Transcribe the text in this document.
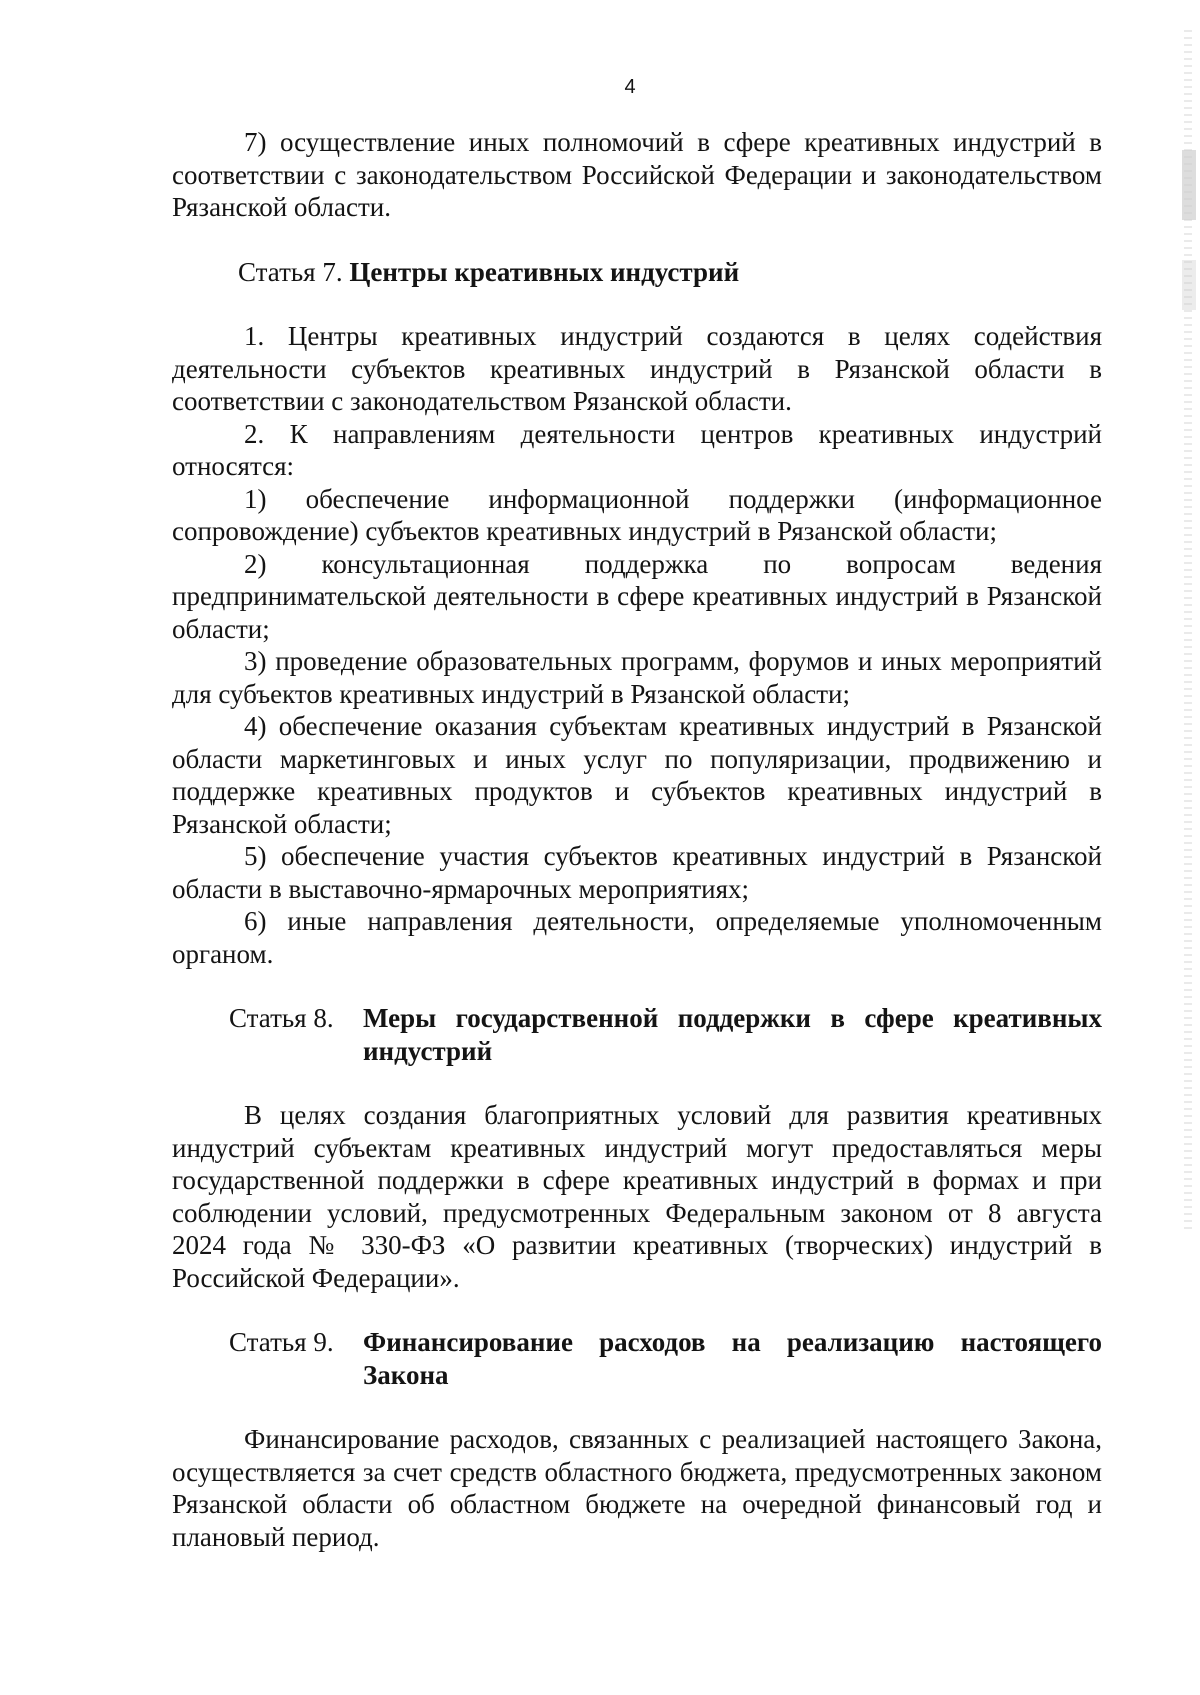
4

7) осуществление иных полномочий в сфере креативных индустрий в соответствии с законодательством Российской Федерации и законодательством Рязанской области.

Статья 7. Центры креативных индустрий

1. Центры креативных индустрий создаются в целях содействия деятельности субъектов креативных индустрий в Рязанской области в соответствии с законодательством Рязанской области.

2. К направлениям деятельности центров креативных индустрий относятся:

1) обеспечение информационной поддержки (информационное сопровождение) субъектов креативных индустрий в Рязанской области;

2) консультационная поддержка по вопросам ведения предпринимательской деятельности в сфере креативных индустрий в Рязанской области;

3) проведение образовательных программ, форумов и иных мероприятий для субъектов креативных индустрий в Рязанской области;

4) обеспечение оказания субъектам креативных индустрий в Рязанской области маркетинговых и иных услуг по популяризации, продвижению и поддержке креативных продуктов и субъектов креативных индустрий в Рязанской области;

5) обеспечение участия субъектов креативных индустрий в Рязанской области в выставочно-ярмарочных мероприятиях;

6) иные направления деятельности, определяемые уполномоченным органом.

Статья 8.	Меры государственной поддержки в сфере креативных индустрий

В целях создания благоприятных условий для развития креативных индустрий субъектам креативных индустрий могут предоставляться меры государственной поддержки в сфере креативных индустрий в формах и при соблюдении условий, предусмотренных Федеральным законом от 8 августа 2024 года № 330-ФЗ «О развитии креативных (творческих) индустрий в Российской Федерации».

Статья 9.	Финансирование расходов на реализацию настоящего Закона

Финансирование расходов, связанных с реализацией настоящего Закона, осуществляется за счет средств областного бюджета, предусмотренных законом Рязанской области об областном бюджете на очередной финансовый год и плановый период.
